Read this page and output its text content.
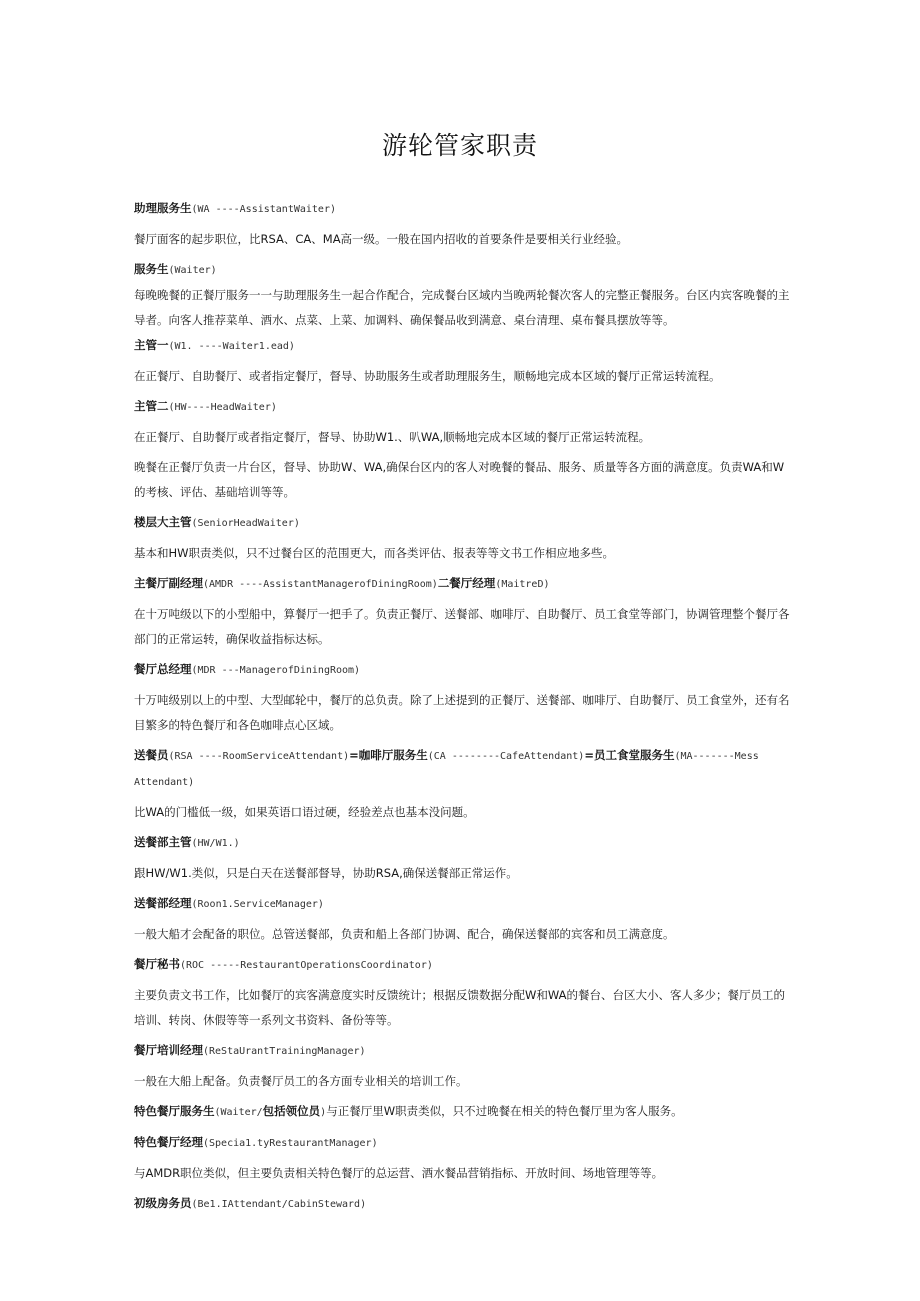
游轮管家职责
助理服务生(WA ----AssistantWaiter)
餐厅面客的起步职位，比RSA、CA、MA高一级。一般在国内招收的首要条件是要相关行业经验。
服务生(Waiter)
每晚晚餐的正餐厅服务一一与助理服务生一起合作配合，完成餐台区域内当晚两轮餐次客人的完整正餐服务。台区内宾客晚餐的主导者。向客人推荐菜单、酒水、点菜、上菜、加调料、确保餐品收到满意、桌台清理、桌布餐具摆放等等。
主管一(W1. ----Waiter1.ead)
在正餐厅、自助餐厅、或者指定餐厅，督导、协助服务生或者助理服务生，顺畅地完成本区域的餐厅正常运转流程。
主管二(HW----HeadWaiter)
在正餐厅、自助餐厅或者指定餐厅，督导、协助W1.、叭WA,顺畅地完成本区域的餐厅正常运转流程。
晚餐在正餐厅负责一片台区，督导、协助W、WA,确保台区内的客人对晚餐的餐品、服务、质量等各方面的满意度。负责WA和W的考核、评估、基础培训等等。
楼层大主管(SeniorHeadWaiter)
基本和HW职责类似，只不过餐台区的范围更大，而各类评估、报表等等文书工作相应地多些。
主餐厅副经理(AMDR ----AssistantManagerofDiningRoom)二餐厅经理(MaitreD)
在十万吨级以下的小型船中，算餐厅一把手了。负责正餐厅、送餐部、咖啡厅、自助餐厅、员工食堂等部门，协调管理整个餐厅各部门的正常运转，确保收益指标达标。
餐厅总经理(MDR ---ManagerofDiningRoom)
十万吨级别以上的中型、大型邮轮中，餐厅的总负责。除了上述提到的正餐厅、送餐部、咖啡厅、自助餐厅、员工食堂外，还有名目繁多的特色餐厅和各色咖啡点心区域。
送餐员(RSA ----RoomServiceAttendant)=咖啡厅服务生(CA --------CafeAttendant)=员工食堂服务生(MA-------Mess Attendant)
比WA的门槛低一级，如果英语口语过硬，经验差点也基本没问题。
送餐部主管(HW/W1.)
跟HW/W1.类似，只是白天在送餐部督导，协助RSA,确保送餐部正常运作。
送餐部经理(Roon1.ServiceManager)
一般大船才会配备的职位。总管送餐部，负责和船上各部门协调、配合，确保送餐部的宾客和员工满意度。
餐厅秘书(ROC -----RestaurantOperationsCoordinator)
主要负责文书工作，比如餐厅的宾客满意度实时反馈统计；根据反馈数据分配W和WA的餐台、台区大小、客人多少；餐厅员工的培训、转岗、休假等等一系列文书资料、备份等等。
餐厅培训经理(ReStaUrantTrainingManager)
一般在大船上配备。负责餐厅员工的各方面专业相关的培训工作。
特色餐厅服务生(Waiter/包括领位员)与正餐厅里W职责类似，只不过晚餐在相关的特色餐厅里为客人服务。
特色餐厅经理(Specia1.tyRestaurantManager)
与AMDR职位类似，但主要负责相关特色餐厅的总运营、酒水餐品营销指标、开放时间、场地管理等等。
初级房务员(Be1.IAttendant/CabinSteward)
